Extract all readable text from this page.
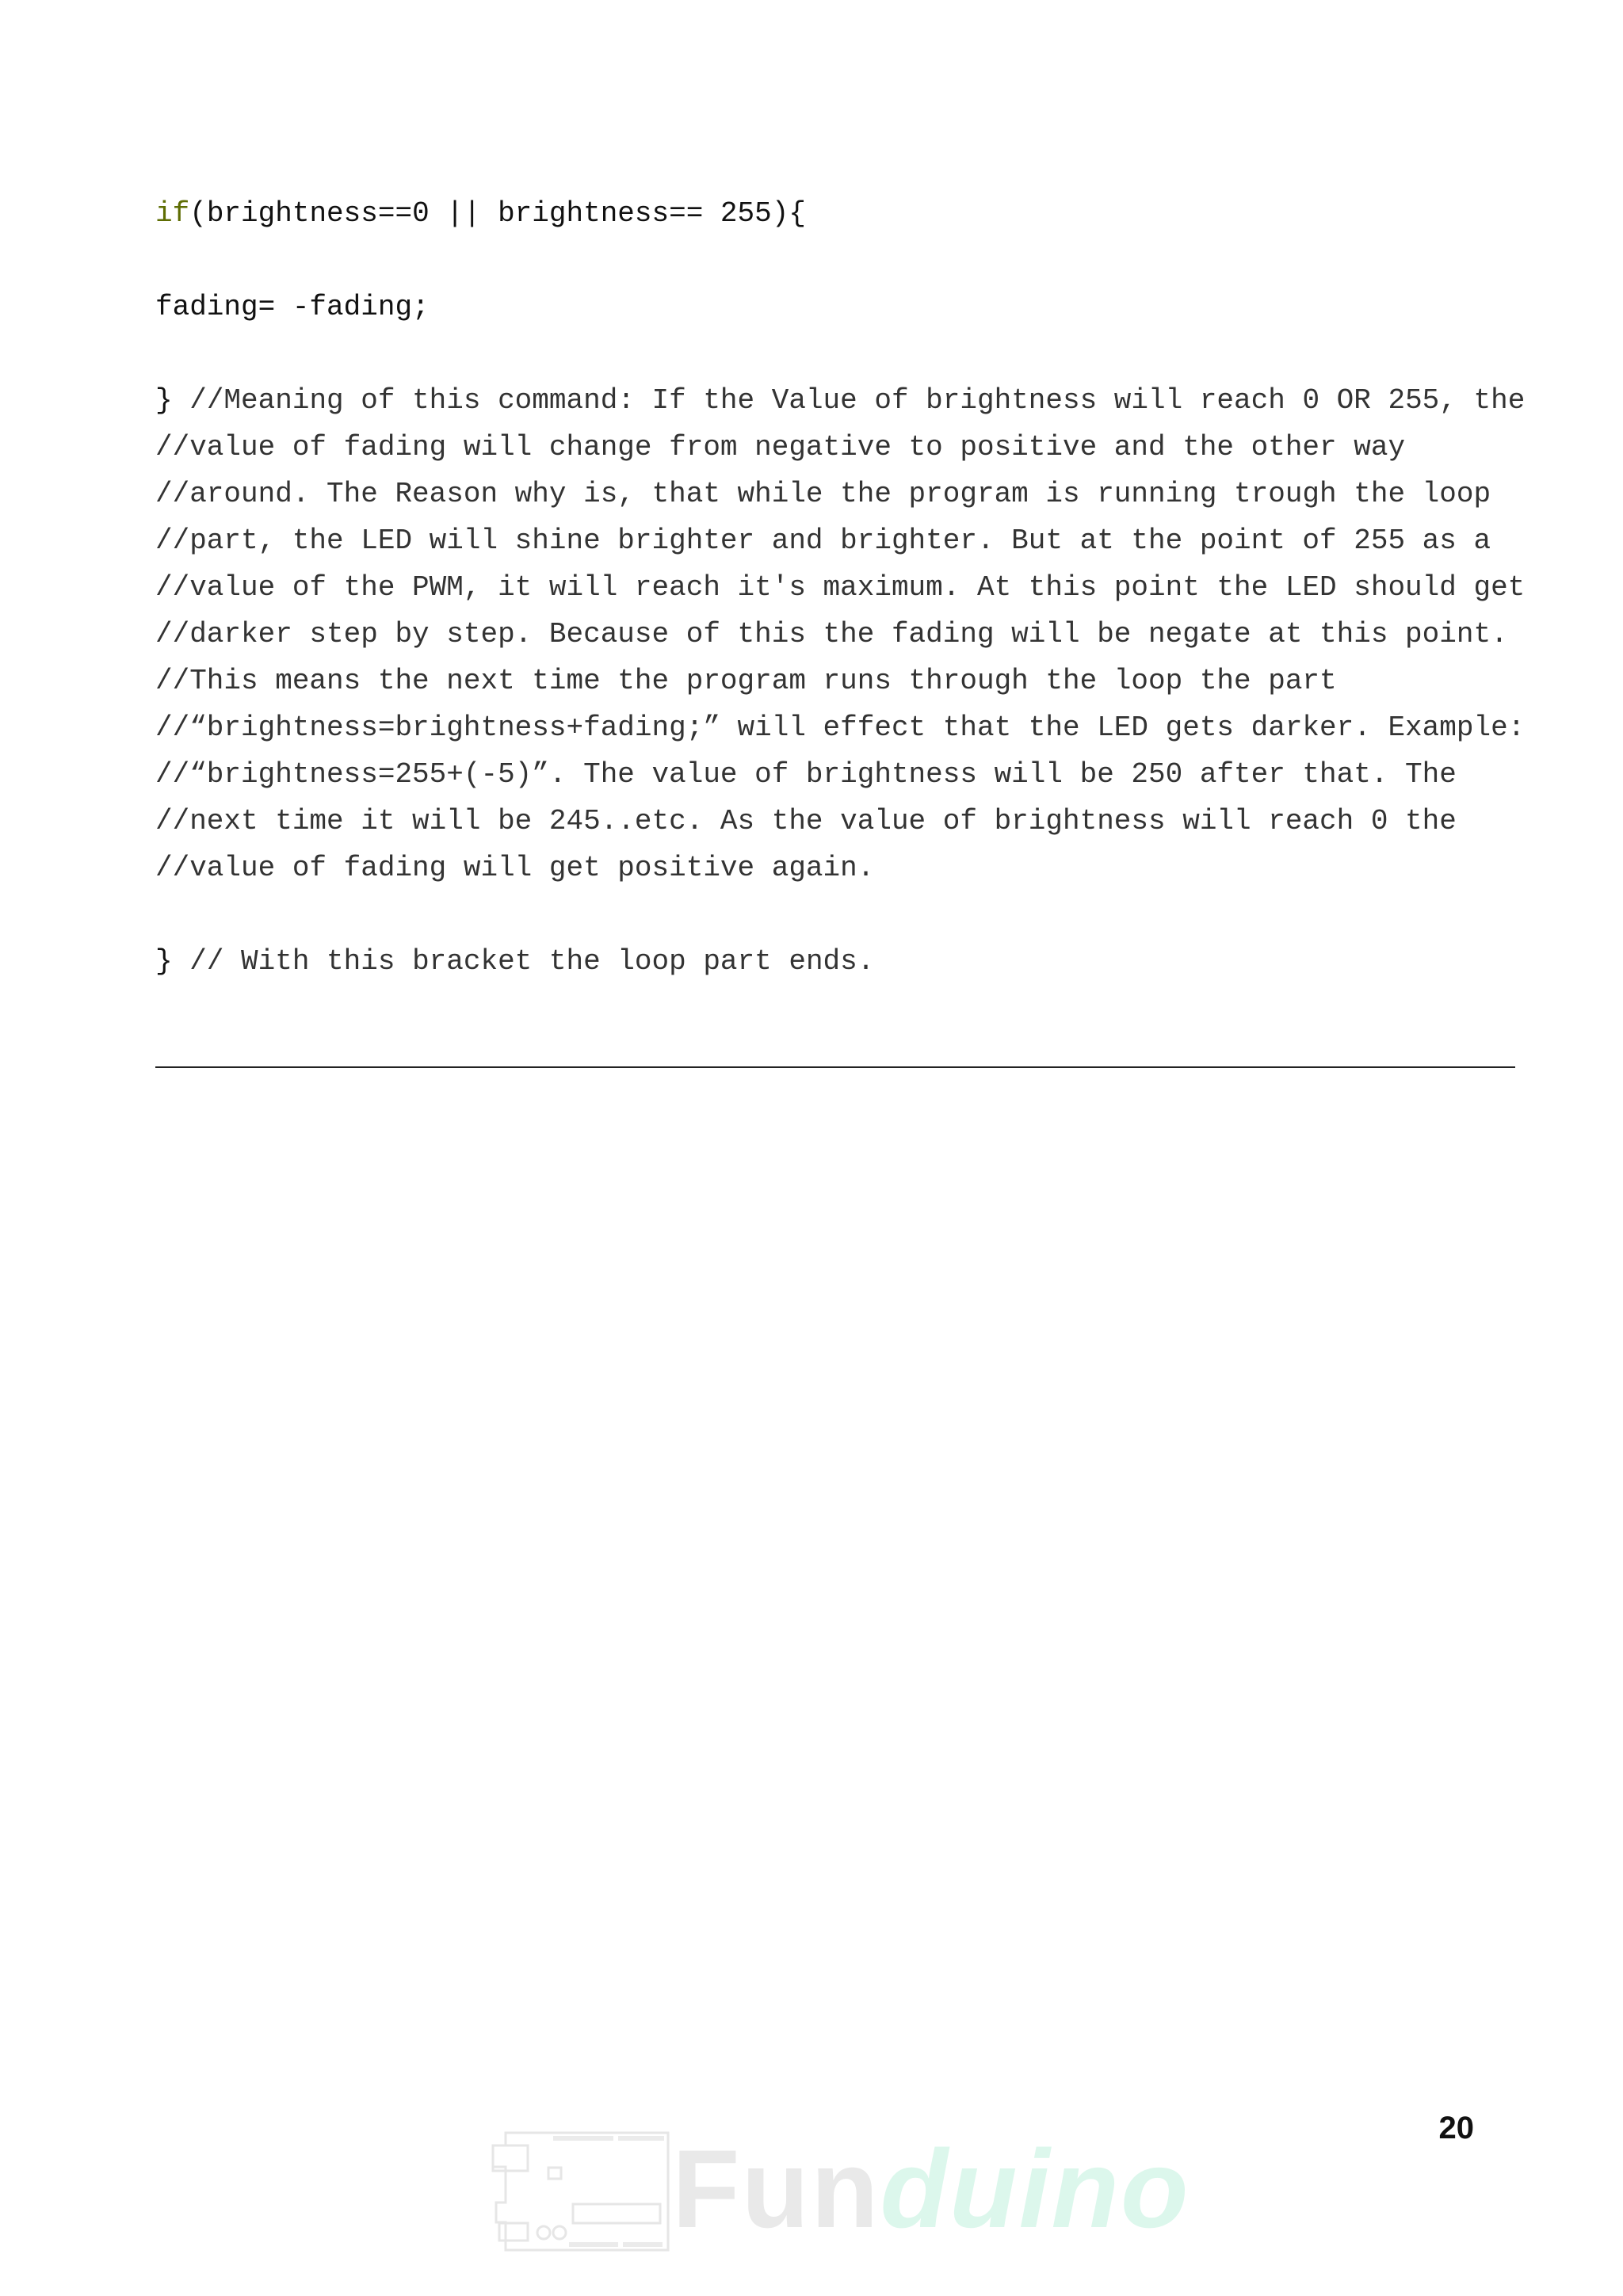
if(brightness==0 || brightness== 255){
fading= -fading;
} //Meaning of this command: If the Value of brightness will reach 0 OR 255, the
//value of fading will change from negative to positive and the other way
//around. The Reason why is, that while the program is running trough the loop
//part, the LED will shine brighter and brighter. But at the point of 255 as a
//value of the PWM, it will reach it's maximum. At this point the LED should get
//darker step by step. Because of this the fading will be negate at this point.
//This means the next time the program runs through the loop the part
//“brightness=brightness+fading;” will effect that the LED gets darker. Example:
//“brightness=255+(-5)”. The value of brightness will be 250 after that. The
//next time it will be 245..etc. As the value of brightness will reach 0 the
//value of fading will get positive again.
} // With this bracket the loop part ends.
20
Funduino
